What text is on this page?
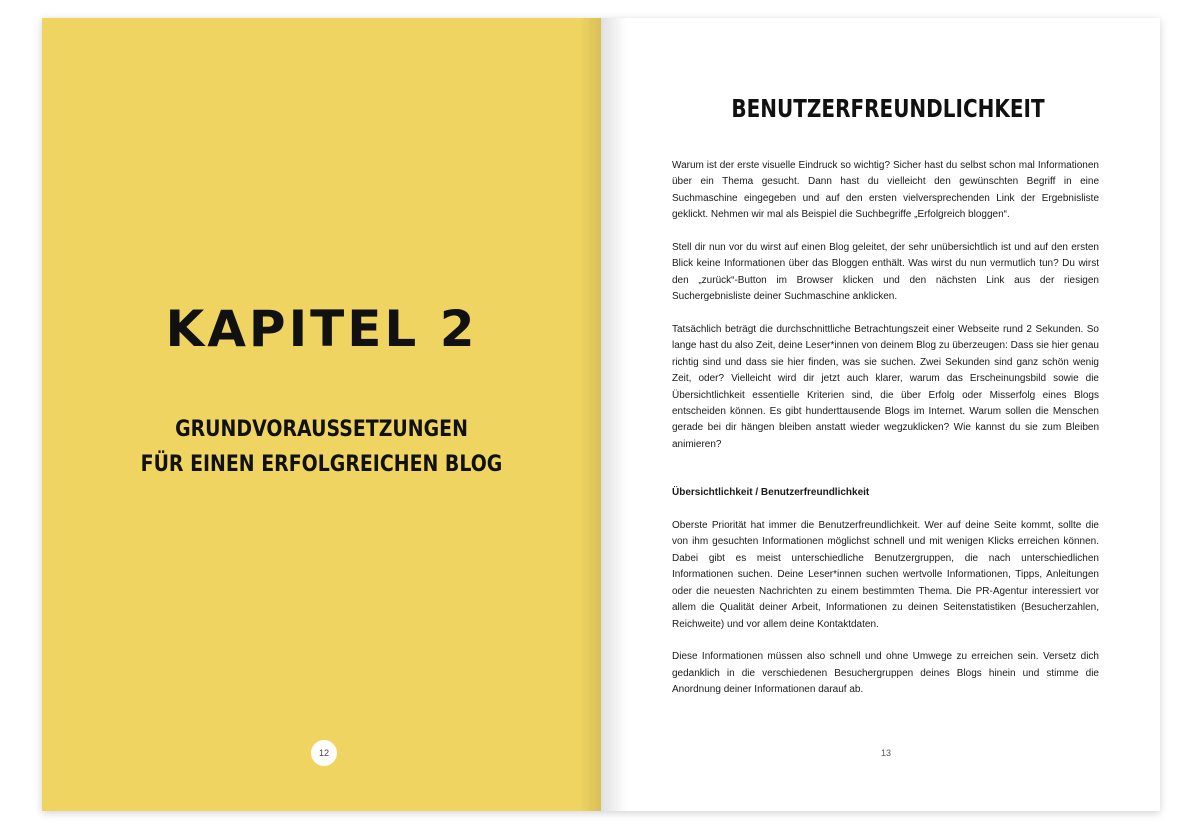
KAPITEL 2
GRUNDVORAUSSETZUNGEN
FÜR EINEN ERFOLGREICHEN BLOG
12
BENUTZERFREUNDLICHKEIT

Warum ist der erste visuelle Eindruck so wichtig? Sicher hast du selbst schon mal Informationen über ein Thema gesucht. Dann hast du vielleicht den gewünschten Begriff in eine Suchmaschine eingegeben und auf den ersten vielversprechenden Link der Ergebnisliste geklickt. Nehmen wir mal als Beispiel die Suchbegriffe „Erfolgreich bloggen“.

Stell dir nun vor du wirst auf einen Blog geleitet, der sehr unübersichtlich ist und auf den ersten Blick keine Informationen über das Bloggen enthält. Was wirst du nun vermutlich tun? Du wirst den „zurück“-Button im Browser klicken und den nächsten Link aus der riesigen Suchergebnisliste deiner Suchmaschine anklicken.

Tatsächlich beträgt die durchschnittliche Betrachtungszeit einer Webseite rund 2 Sekunden. So lange hast du also Zeit, deine Leser*innen von deinem Blog zu überzeugen: Dass sie hier genau richtig sind und dass sie hier finden, was sie suchen. Zwei Sekunden sind ganz schön wenig Zeit, oder? Vielleicht wird dir jetzt auch klarer, warum das Erscheinungsbild sowie die Übersichtlichkeit essentielle Kriterien sind, die über Erfolg oder Misserfolg eines Blogs entscheiden können. Es gibt hunderttausende Blogs im Internet. Warum sollen die Menschen gerade bei dir hängen bleiben anstatt wieder wegzuklicken? Wie kannst du sie zum Bleiben animieren?

Übersichtlichkeit / Benutzerfreundlichkeit

Oberste Priorität hat immer die Benutzerfreundlichkeit. Wer auf deine Seite kommt, sollte die von ihm gesuchten Informationen möglichst schnell und mit wenigen Klicks erreichen können. Dabei gibt es meist unterschiedliche Benutzergruppen, die nach unterschiedlichen Informationen suchen. Deine Leser*innen suchen wertvolle Informationen, Tipps, Anleitungen oder die neuesten Nachrichten zu einem bestimmten Thema. Die PR-Agentur interessiert vor allem die Qualität deiner Arbeit, Informationen zu deinen Seitenstatistiken (Besucherzahlen, Reichweite) und vor allem deine Kontaktdaten.

Diese Informationen müssen also schnell und ohne Umwege zu erreichen sein. Versetz dich gedanklich in die verschiedenen Besuchergruppen deines Blogs hinein und stimme die Anordnung deiner Informationen darauf ab.

13
